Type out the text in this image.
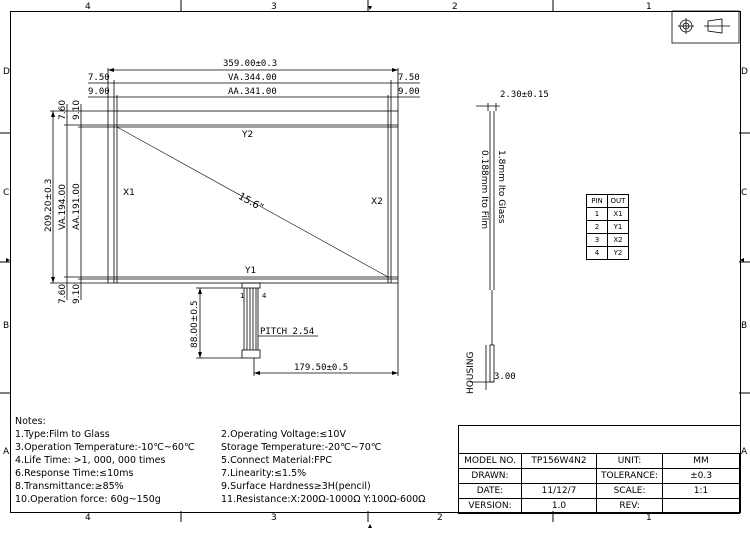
4	3	2	1
4	3	2	1
D
C
B
A
D
C
B
A
359.00±0.3
VA.344.00
AA.341.00
7.50
9.00
7.50
9.00
209.20±0.3 VA.194.00 AA.191.00
7.60 9.10
7.60 9.10
Y2
Y1
X1
X2
15.6"
1	4
88.00±0.5	PITCH 2.54
179.50±0.5
2.30±0.15
1.8mm Ito Glass
0.188mm Ito Film
HOUSING 3.00
PIN	OUT
1	X1
2	Y1
3	X2
4	Y2
Notes:
1.Type:Film to Glass
3.Operation Temperature:-10℃~60℃
4.Life Time: >1, 000, 000 times
6.Response Time:≤10ms
8.Transmittance:≥85%
10.Operation force: 60g~150g
2.Operating Voltage:≤10V
Storage Temperature:-20℃~70℃
5.Connect Material:FPC
7.Linearity:≤1.5%
9.Surface Hardness≥3H(pencil)
11.Resistance:X:200Ω-1000Ω Y:100Ω-600Ω
MODEL NO.	TP156W4N2	UNIT:	MM
DRAWN:		TOLERANCE:	±0.3
DATE:	11/12/7	SCALE:	1:1
VERSION:	1.0	REV:	
